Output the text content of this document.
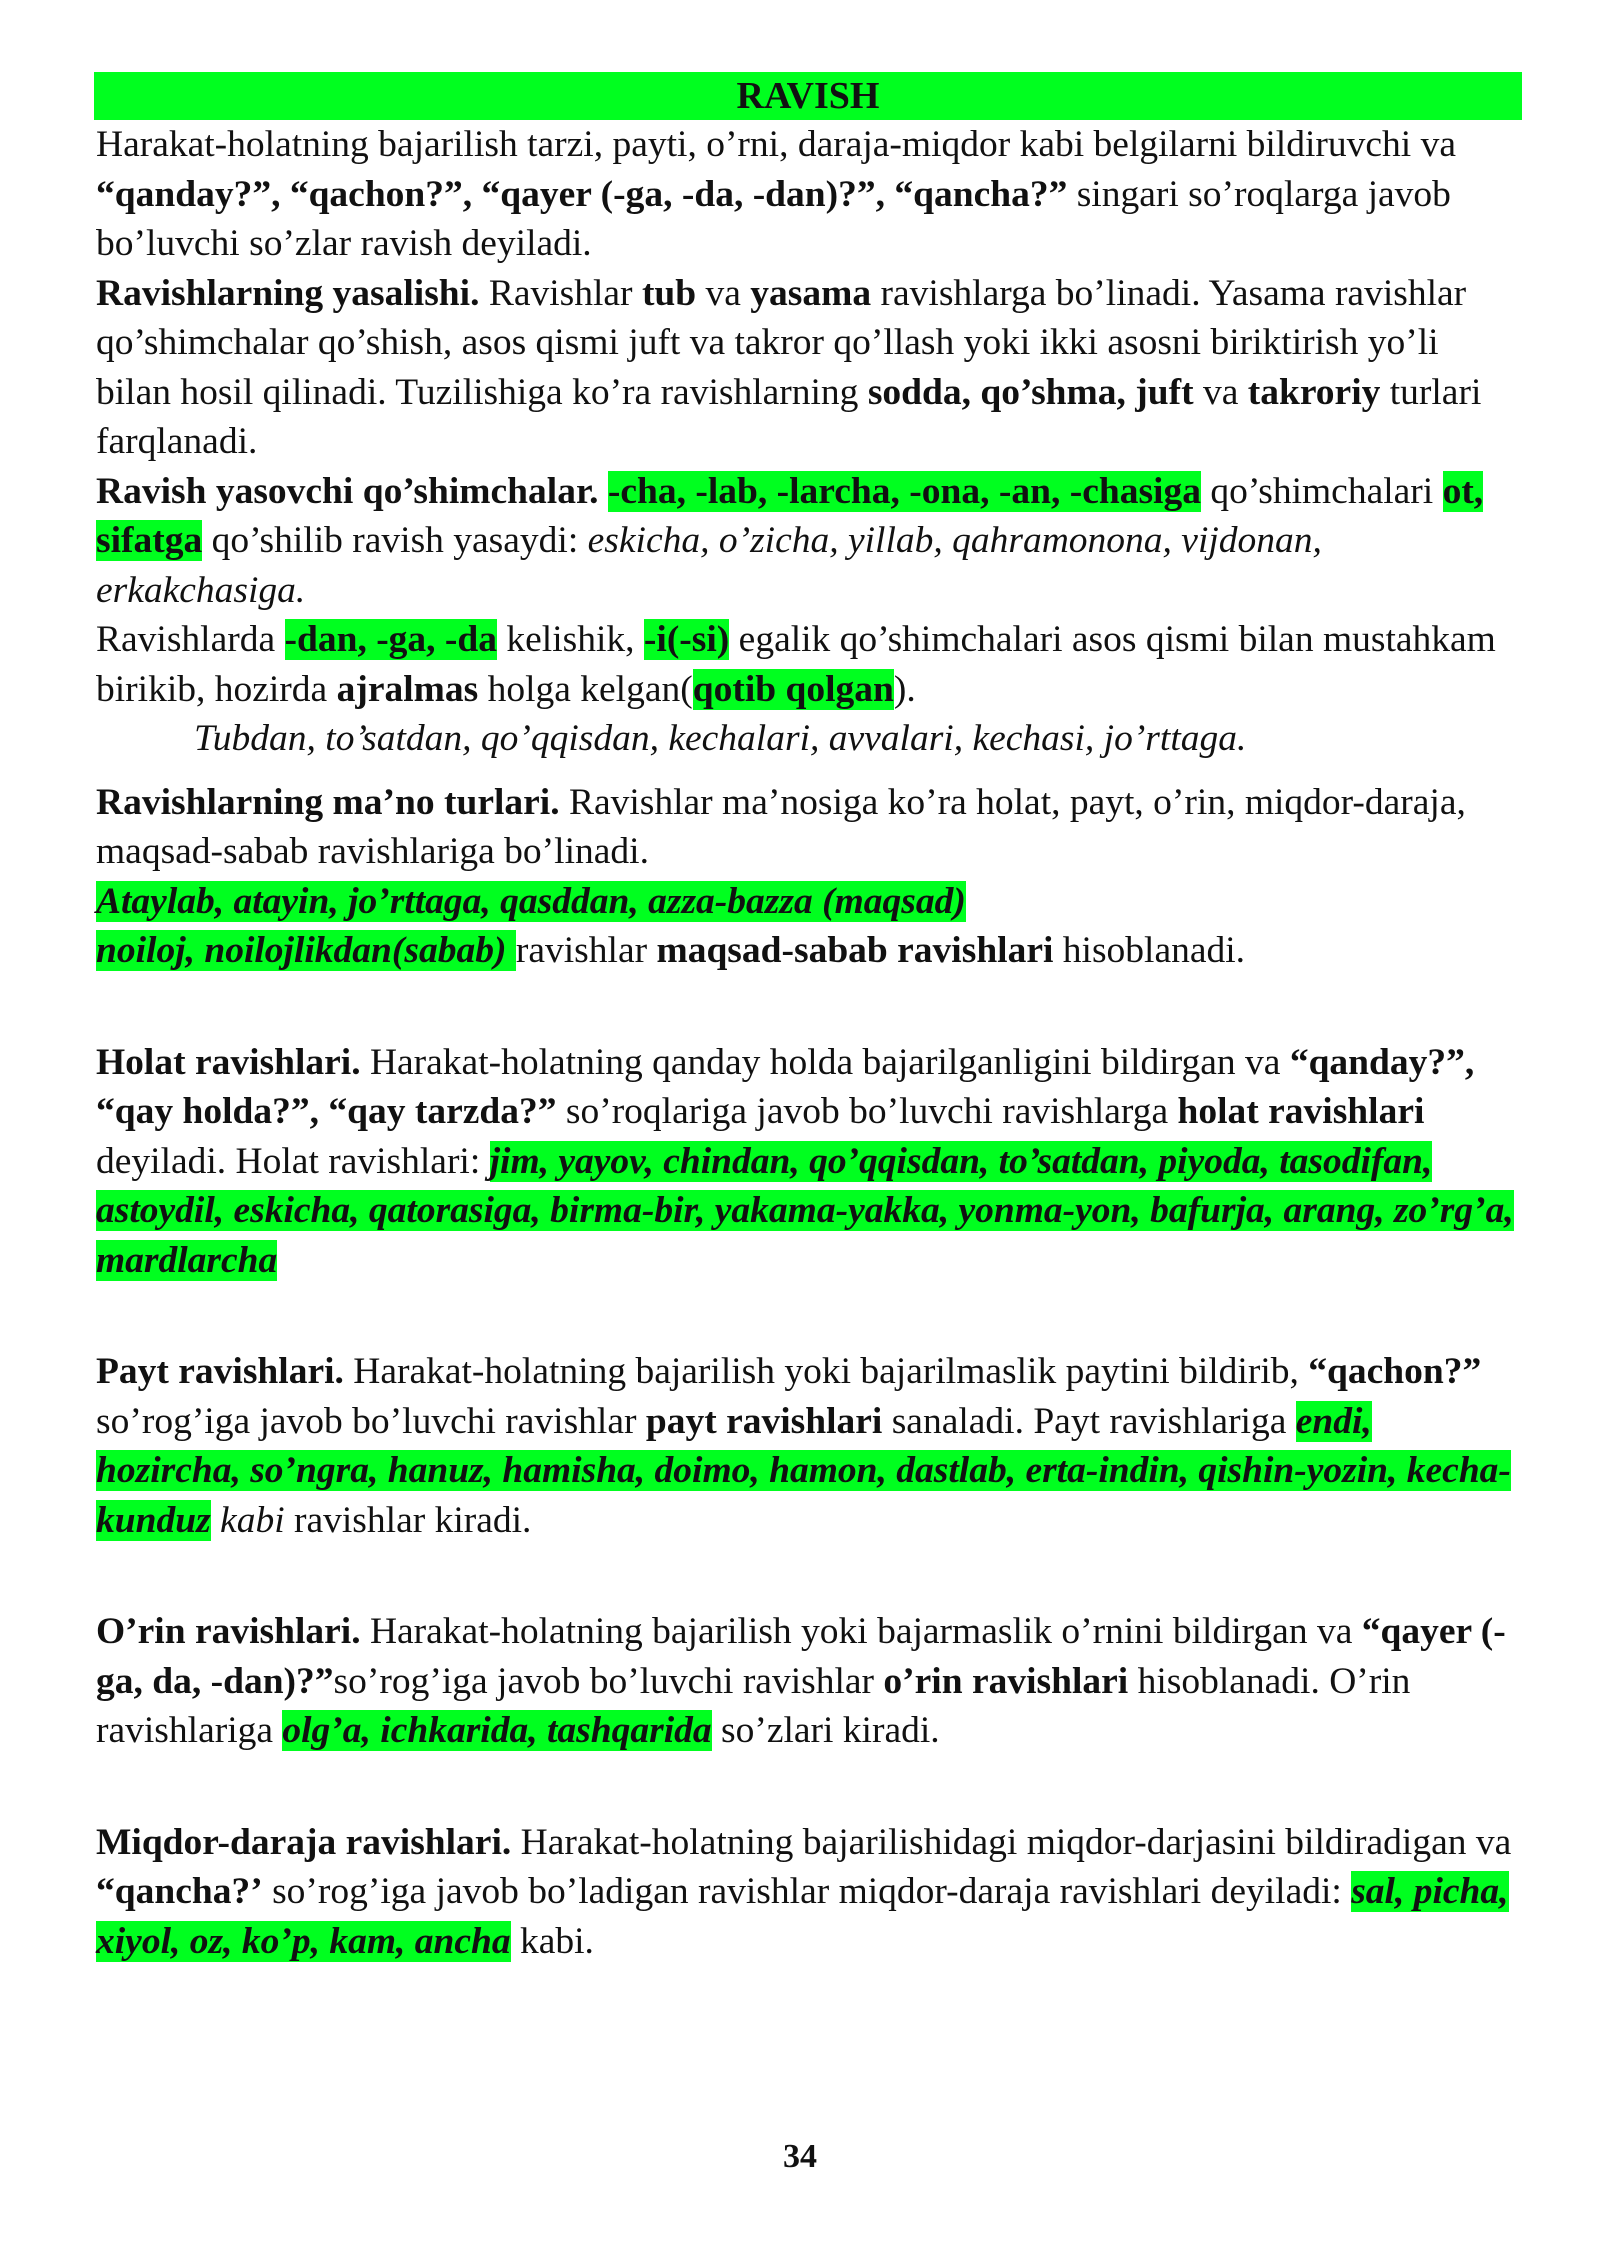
RAVISH

Harakat-holatning bajarilish tarzi, payti, o’rni, daraja-miqdor kabi belgilarni bildiruvchi va “qanday?”, “qachon?”, “qayer (-ga, -da, -dan)?”, “qancha?” singari so’roqlarga javob bo’luvchi so’zlar ravish deyiladi.

Ravishlarning yasalishi. Ravishlar tub va yasama ravishlarga bo’linadi. Yasama ravishlar qo’shimchalar qo’shish, asos qismi juft va takror qo’llash yoki ikki asosni biriktirish yo’li bilan hosil qilinadi. Tuzilishiga ko’ra ravishlarning sodda, qo’shma, juft va takroriy turlari farqlanadi.

Ravish yasovchi qo’shimchalar. -cha, -lab, -larcha, -ona, -an, -chasiga qo’shimchalari ot, sifatga qo’shilib ravish yasaydi: eskicha, o’zicha, yillab, qahramonona, vijdonan, erkakchasiga.

Ravishlarda -dan, -ga, -da kelishik, -i(-si) egalik qo’shimchalari asos qismi bilan mustahkam birikib, hozirda ajralmas holga kelgan(qotib qolgan).

Tubdan, to’satdan, qo’qqisdan, kechalari, avvalari, kechasi, jo’rttaga.

Ravishlarning ma’no turlari. Ravishlar ma’nosiga ko’ra holat, payt, o’rin, miqdor-daraja, maqsad-sabab ravishlariga bo’linadi.
Ataylab, atayin, jo’rttaga, qasddan, azza-bazza (maqsad)
noiloj, noilojlikdan(sabab) ravishlar maqsad-sabab ravishlari hisoblanadi.

Holat ravishlari. Harakat-holatning qanday holda bajarilganligini bildirgan va “qanday?”, “qay holda?”, “qay tarzda?” so’roqlariga javob bo’luvchi ravishlarga holat ravishlari deyiladi. Holat ravishlari: jim, yayov, chindan, qo’qqisdan, to’satdan, piyoda, tasodifan, astoydil, eskicha, qatorasiga, birma-bir, yakama-yakka, yonma-yon, bafurja, arang, zo’rg’a, mardlarcha

Payt ravishlari. Harakat-holatning bajarilish yoki bajarilmaslik paytini bildirib, “qachon?” so’rog’iga javob bo’luvchi ravishlar payt ravishlari sanaladi. Payt ravishlariga endi, hozircha, so’ngra, hanuz, hamisha, doimo, hamon, dastlab, erta-indin, qishin-yozin, kecha-kunduz kabi ravishlar kiradi.

O’rin ravishlari. Harakat-holatning bajarilish yoki bajarmaslik o’rnini bildirgan va “qayer (-ga, da, -dan)?”so’rog’iga javob bo’luvchi ravishlar o’rin ravishlari hisoblanadi. O’rin ravishlariga olg’a, ichkarida, tashqarida so’zlari kiradi.

Miqdor-daraja ravishlari. Harakat-holatning bajarilishidagi miqdor-darjasini bildiradigan va “qancha?’ so’rog’iga javob bo’ladigan ravishlar miqdor-daraja ravishlari deyiladi: sal, picha, xiyol, oz, ko’p, kam, ancha kabi.

34
